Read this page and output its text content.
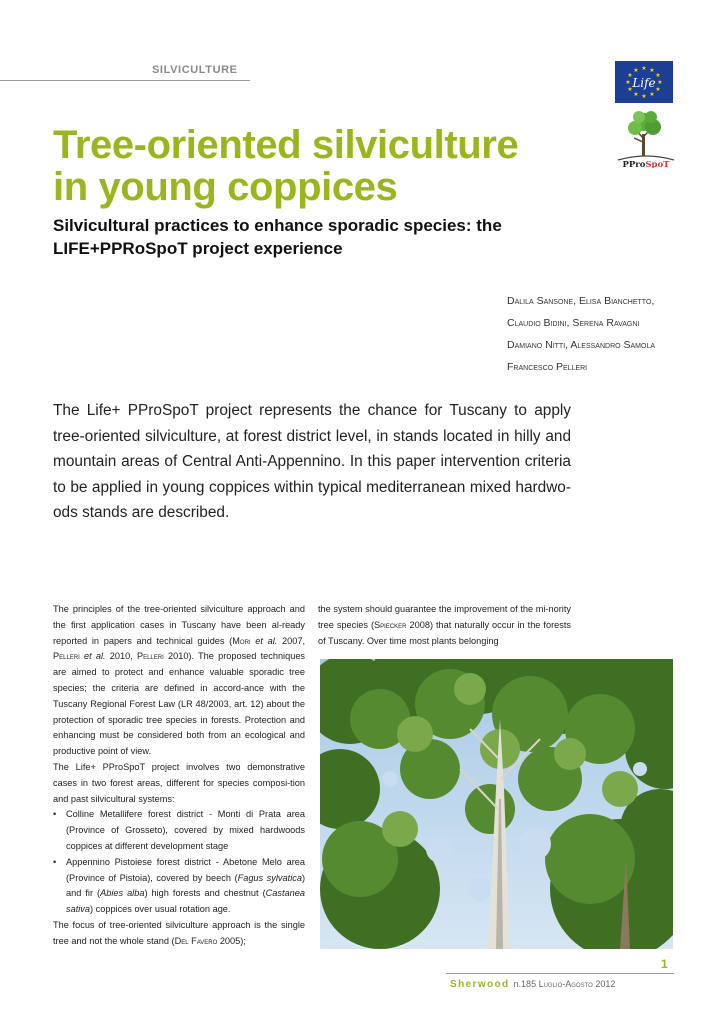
SILVICULTURE	★ ★
★
★
★
★
★
★
★
★
★
★
Life
PProSpoT
Tree-oriented silviculture
in young coppices
Silvicultural practices to enhance sporadic species: the LIFE+PPRoSpoT project experience
Dalila Sansone, Elisa Bianchetto,
Claudio Bidini, Serena Ravagni
Damiano Nitti, Alessandro Samola
Francesco Pelleri
The Life+ PProSpoT project represents the chance for Tuscany to apply tree-oriented silviculture, at forest district level, in stands located in hilly and mountain areas of Central Anti-Appennino. In this paper intervention criteria to be applied in young coppices within typical mediterranean mixed hardwo-ods stands are described.

The principles of the tree-oriented silviculture approach and the first application cases in Tuscany have been al-ready reported in papers and technical guides (Mori et al. 2007, Pelleri et al. 2010, Pelleri 2010). The proposed techniques are aimed to protect and enhance valuable sporadic tree species; the criteria are defined in accord-ance with the Tuscany Regional Forest Law (LR 48/2003, art. 12) about the protection of sporadic tree species in forests. Protection and enhancing must be considered both from an ecological and productive point of view.

The Life+ PProSpoT project involves two demonstrative cases in two forest areas, different for species composi-tion and past silvicultural systems:

• Colline Metallifere forest district - Monti di Prata area (Province of Grosseto), covered by mixed hardwoods coppices at different development stage
• Appennino Pistoiese forest district - Abetone Melo area (Province of Pistoia), covered by beech (Fagus sylvatica) and fir (Abies alba) high forests and chestnut (Castanea sativa) coppices over usual rotation age.

The focus of tree-oriented silviculture approach is the single tree and not the whole stand (Del Favero 2005);

the system should guarantee the improvement of the mi-nority tree species (Spiecker 2008) that naturally occur in the forests of Tuscany. Over time most plants belonging

1
Sherwood n.185 Luglio-Agosto 2012
